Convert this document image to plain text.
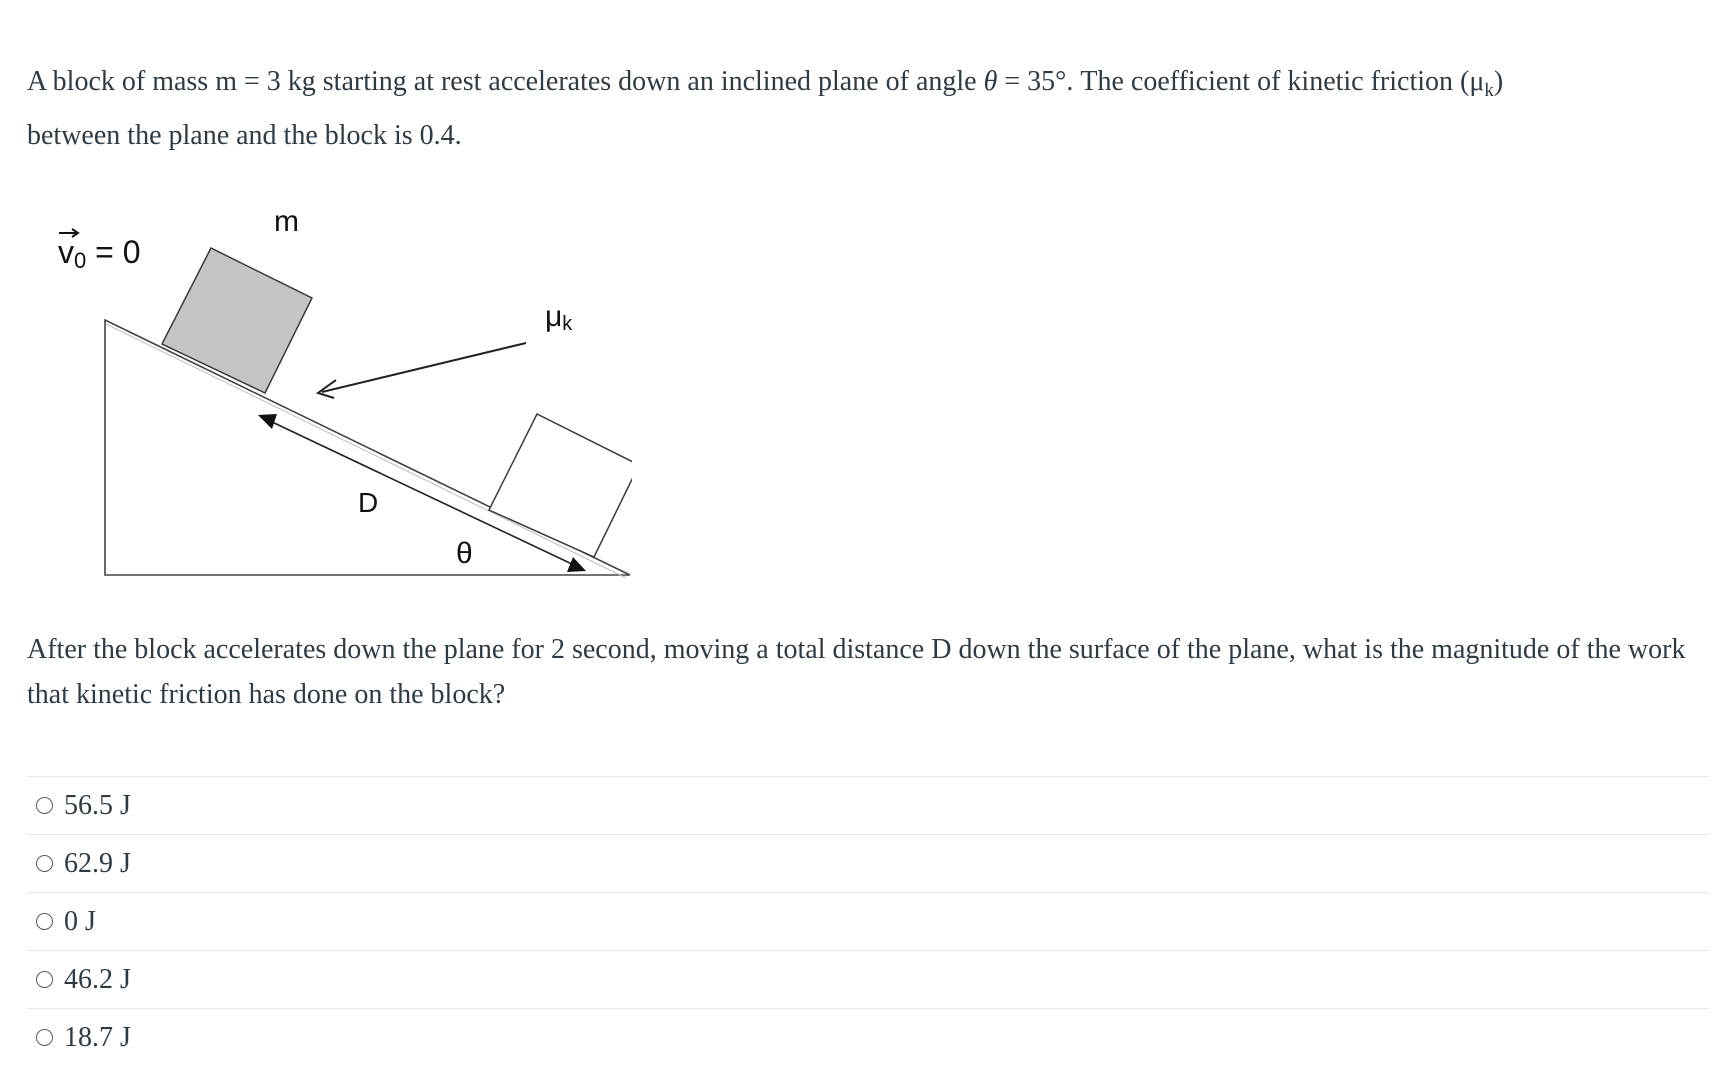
A block of mass m = 3 kg starting at rest accelerates down an inclined plane of angle θ = 35°. The coefficient of kinetic friction $(\mu_k)$
between the plane and the block is 0.4.

m
v0 = 0
μk
D
θ

After the block accelerates down the plane for 2 second, moving a total distance D down the surface of the plane, what is the magnitude of the work that kinetic friction has done on the block?

56.5 J
62.9 J
0 J
46.2 J
18.7 J
